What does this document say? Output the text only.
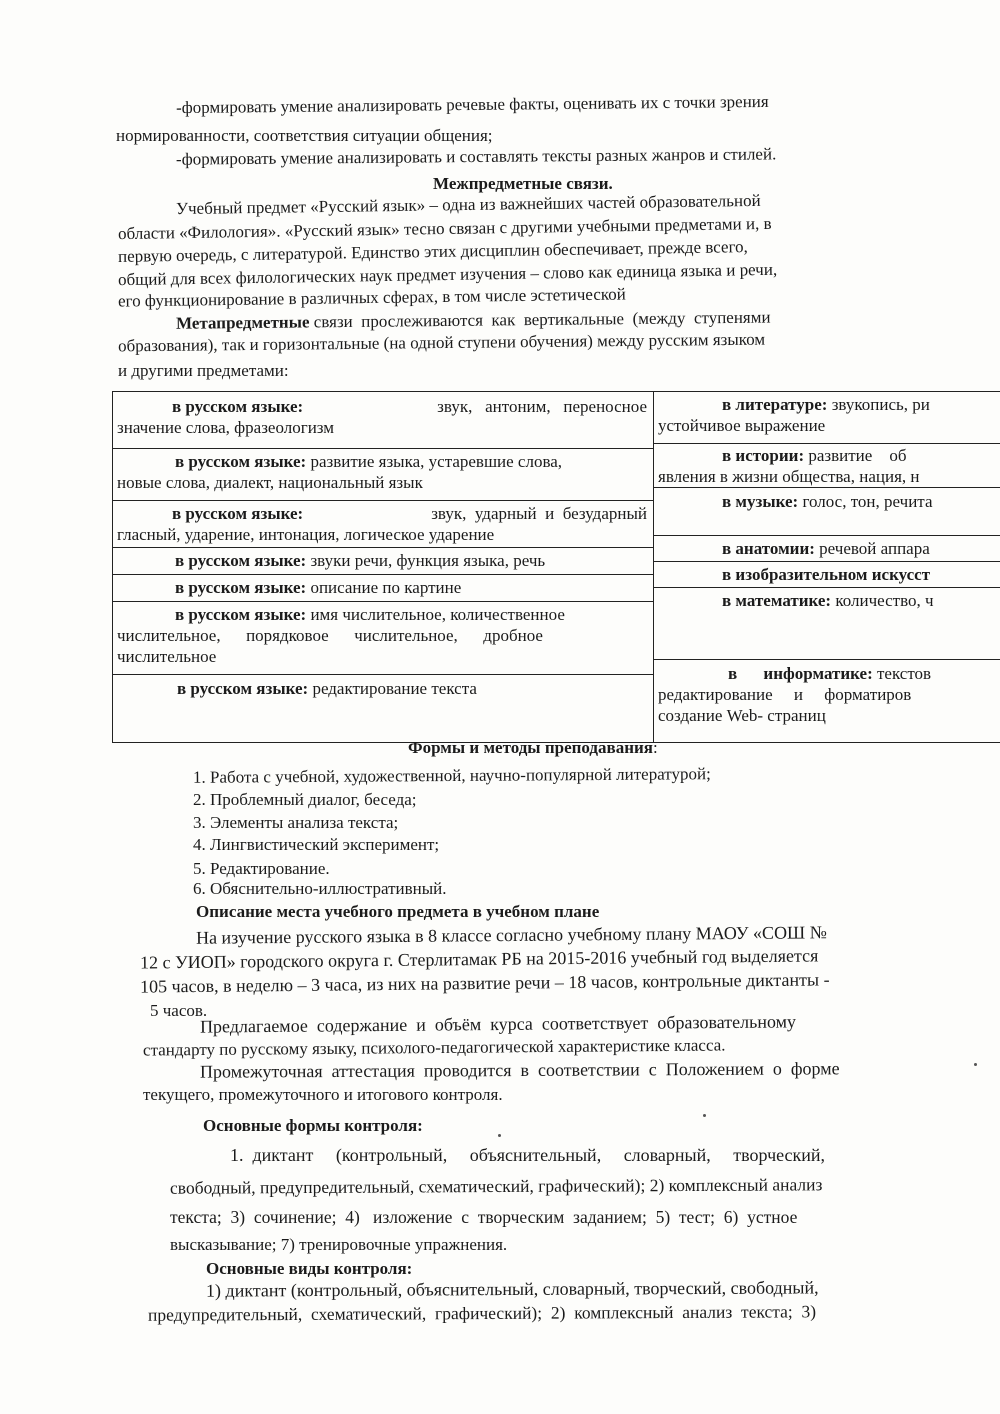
-формировать умение анализировать речевые факты, оценивать их с точки зрения
нормированности, соответствия ситуации общения;
-формировать умение анализировать и составлять тексты разных жанров и стилей.
Межпредметные связи.
Учебный предмет «Русский язык» – одна из важнейших частей образовательной
области «Филология». «Русский язык» тесно связан с другими учебными предметами и, в
первую очередь, с литературой. Единство этих дисциплин обеспечивает, прежде всего,
общий для всех филологических наук предмет изучения – слово как единица языка и речи,
его функционирование в различных сферах, в том числе эстетической
Метапредметные связи  прослеживаются  как  вертикальные  (между  ступенями
образования), так и горизонтальные (на одной ступени обучения) между русским языком
и другими предметами:
в русском языке:	звук,   антоним,   переносное
значение слова, фразеологизм
в русском языке: развитие языка, устаревшие слова,
новые слова, диалект, национальный язык
в русском языке:	звук,  ударный  и  безударный
гласный, ударение, интонация, логическое ударение
в русском языке: звуки речи, функция языка, речь
в русском языке: описание по картине
в русском языке: имя числительное, количественное
числительное,      порядковое      числительное,      дробное
числительное
в русском языке: редактирование текста
в литературе: звукопись, ри
устойчивое выражение
в истории: развитие    об
явления в жизни общества, нация, н
в музыке: голос, тон, речита
в анатомии: речевой аппара
в изобразительном искусст
в математике: количество, ч
в информатике: текстов
редактирование     и     форматиров
создание Web- страниц
Формы и методы преподавания:
1. Работа с учебной, художественной, научно-популярной литературой;
2. Проблемный диалог, беседа;
3. Элементы анализа текста;
4. Лингвистический эксперимент;
5. Редактирование.
6. Обяснительно-иллюстративный.
Описание места учебного предмета в учебном плане
На изучение русского языка в 8 классе согласно учебному плану МАОУ «СОШ №
12 с УИОП» городского округа г. Стерлитамак РБ на 2015-2016 учебный год выделяется
105 часов, в неделю – 3 часа, из них на развитие речи – 18 часов, контрольные диктанты -
5 часов.
Предлагаемое  содержание  и  объём  курса  соответствует  образовательному
стандарту по русскому языку, психолого-педагогической характеристике класса.
Промежуточная  аттестация  проводится  в  соответствии  с  Положением  о  форме
текущего, промежуточного и итогового контроля.
Основные формы контроля:
1.  диктант     (контрольный,     объяснительный,     словарный,     творческий,
свободный, предупредительный, схематический, графический); 2) комплексный анализ
текста;  3)  сочинение;  4)   изложение  с  творческим  заданием;  5)  тест;  6)  устное
высказывание; 7) тренировочные упражнения.
Основные виды контроля:
1) диктант (контрольный, объяснительный, словарный, творческий, свободный,
предупредительный,  схематический,  графический);  2)  комплексный  анализ  текста;  3)
